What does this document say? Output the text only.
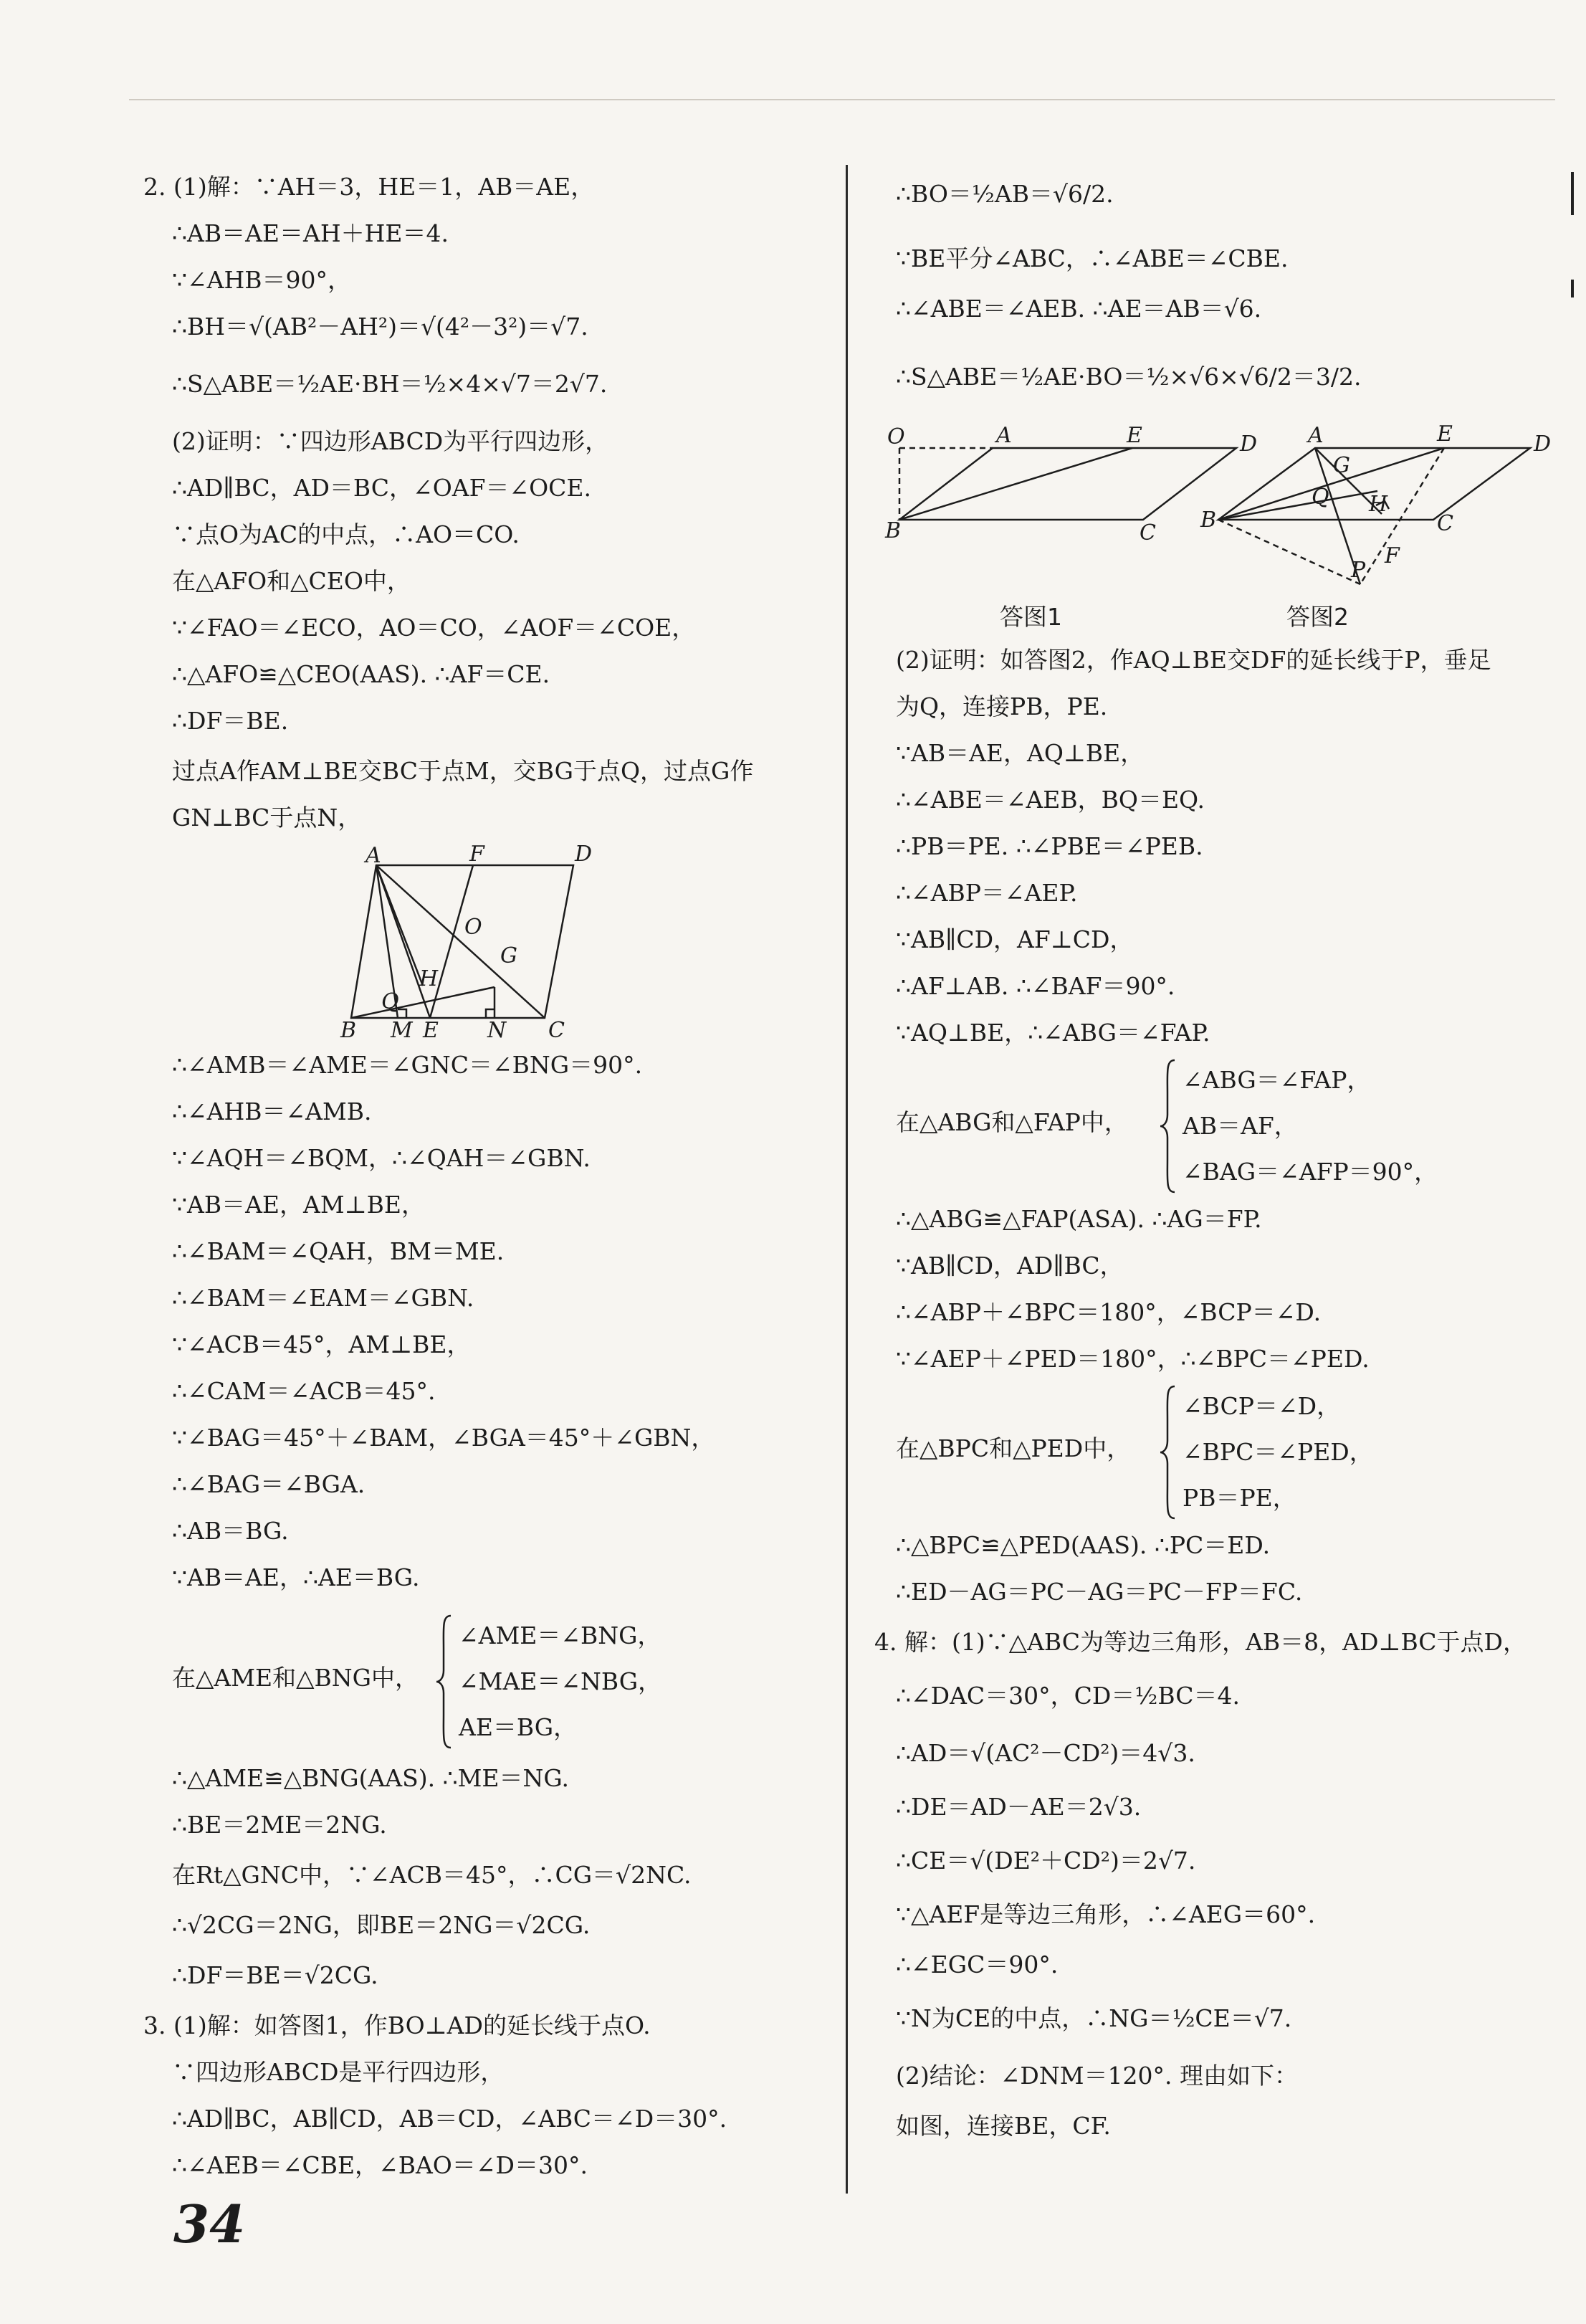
2. (1)解：∵AH＝3，HE＝1，AB＝AE，
∴AB＝AE＝AH＋HE＝4.
∵∠AHB＝90°，
∴BH＝√(AB²－AH²)＝√(4²－3²)＝√7.
∴S△ABE＝½AE·BH＝½×4×√7＝2√7.
(2)证明：∵四边形ABCD为平行四边形，
∴AD∥BC，AD＝BC，∠OAF＝∠OCE.
∵点O为AC的中点，∴AO＝CO.
在△AFO和△CEO中，
∵∠FAO＝∠ECO，AO＝CO，∠AOF＝∠COE，
∴△AFO≌△CEO(AAS). ∴AF＝CE.
∴DF＝BE.
过点A作AM⊥BE交BC于点M，交BG于点Q，过点G作
GN⊥BC于点N，
A	F	D
O
G
H
Q
B M E N C
∴∠AMB＝∠AME＝∠GNC＝∠BNG＝90°.
∴∠AHB＝∠AMB.
∵∠AQH＝∠BQM，∴∠QAH＝∠GBN.
∵AB＝AE，AM⊥BE，
∴∠BAM＝∠QAH，BM＝ME.
∴∠BAM＝∠EAM＝∠GBN.
∵∠ACB＝45°，AM⊥BE，
∴∠CAM＝∠ACB＝45°.
∵∠BAG＝45°＋∠BAM，∠BGA＝45°＋∠GBN，
∴∠BAG＝∠BGA.
∴AB＝BG.
∵AB＝AE，∴AE＝BG.
在△AME和△BNG中，
∠AME＝∠BNG，
∠MAE＝∠NBG，
AE＝BG，
∴△AME≌△BNG(AAS). ∴ME＝NG.
∴BE＝2ME＝2NG.
在Rt△GNC中，∵∠ACB＝45°，∴CG＝√2NC.
∴√2CG＝2NG，即BE＝2NG＝√2CG.
∴DF＝BE＝√2CG.
3. (1)解：如答图1，作BO⊥AD的延长线于点O.
∵四边形ABCD是平行四边形，
∴AD∥BC，AB∥CD，AB＝CD，∠ABC＝∠D＝30°.
∴∠AEB＝∠CBE，∠BAO＝∠D＝30°.
∴BO＝½AB＝√6/2.
∵BE平分∠ABC，∴∠ABE＝∠CBE.
∴∠ABE＝∠AEB. ∴AE＝AB＝√6.
∴S△ABE＝½AE·BO＝½×√6×√6/2＝3/2.
O	A	E	D
B	C
A	E	D
G
Q H
B	C
F
P
答图1	答图2
(2)证明：如答图2，作AQ⊥BE交DF的延长线于P，垂足
为Q，连接PB，PE.
∵AB＝AE，AQ⊥BE，
∴∠ABE＝∠AEB，BQ＝EQ.
∴PB＝PE. ∴∠PBE＝∠PEB.
∴∠ABP＝∠AEP.
∵AB∥CD，AF⊥CD，
∴AF⊥AB. ∴∠BAF＝90°.
∵AQ⊥BE，∴∠ABG＝∠FAP.
在△ABG和△FAP中，
∠ABG＝∠FAP，
AB＝AF，
∠BAG＝∠AFP＝90°，
∴△ABG≌△FAP(ASA). ∴AG＝FP.
∵AB∥CD，AD∥BC，
∴∠ABP＋∠BPC＝180°，∠BCP＝∠D.
∵∠AEP＋∠PED＝180°，∴∠BPC＝∠PED.
在△BPC和△PED中，
∠BCP＝∠D，
∠BPC＝∠PED，
PB＝PE，
∴△BPC≌△PED(AAS). ∴PC＝ED.
∴ED－AG＝PC－AG＝PC－FP＝FC.
4. 解：(1)∵△ABC为等边三角形，AB＝8，AD⊥BC于点D，
∴∠DAC＝30°，CD＝½BC＝4.
∴AD＝√(AC²－CD²)＝4√3.
∴DE＝AD－AE＝2√3.
∴CE＝√(DE²＋CD²)＝2√7.
∵△AEF是等边三角形，∴∠AEG＝60°.
∴∠EGC＝90°.
∵N为CE的中点，∴NG＝½CE＝√7.
(2)结论：∠DNM＝120°. 理由如下：
如图，连接BE，CF.
34
